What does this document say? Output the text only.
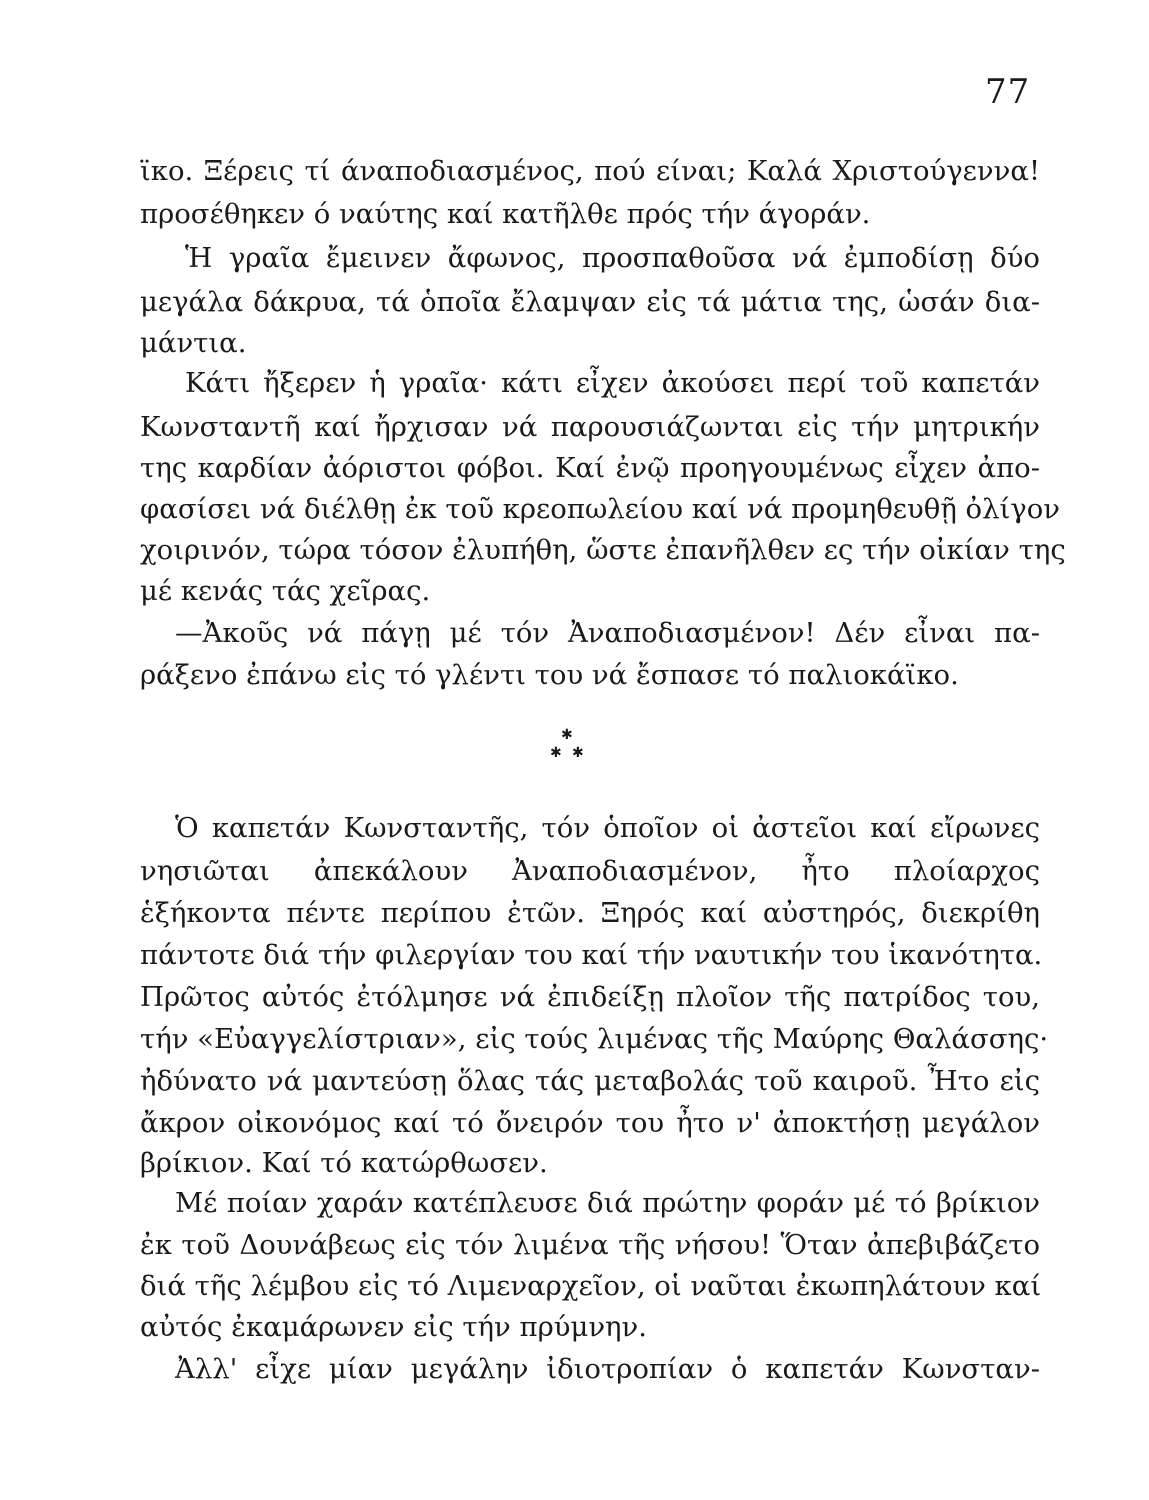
77
ϊκο. Ξέρεις τί άναποδιασμένος, πού είναι; Καλά Χριστούγεννα!
προσέθηκεν ό ναύτης καί κατῆλθε πρός τήν άγοράν.
Ἡ γραῖα ἔμεινεν ἄφωνος, προσπαθοῦσα νά ἐμποδίσῃ δύο
μεγάλα δάκρυα, τά ὁποῖα ἔλαμψαν εἰς τά μάτια της, ὡσάν δια-
μάντια.
Κάτι ἤξερεν ἡ γραῖα· κάτι εἶχεν ἀκούσει περί τοῦ καπετάν
Κωνσταντῆ καί ἤρχισαν νά παρουσιάζωνται εἰς τήν μητρικήν
της καρδίαν ἀόριστοι φόβοι. Καί ἐνῷ προηγουμένως εἶχεν ἀπο-
φασίσει νά διέλθῃ ἐκ τοῦ κρεοπωλείου καί νά προμηθευθῇ ὀλίγον
χοιρινόν, τώρα τόσον ἐλυπήθη, ὥστε ἐπανῆλθεν ες τήν οἰκίαν της
μέ κενάς τάς χεῖρας.
—Ἀκοῦς νά πάγῃ μέ τόν Ἀναποδιασμένον! Δέν εἶναι πα-
ράξενο ἐπάνω εἰς τό γλέντι του νά ἔσπασε τό παλιοκάϊκο.
✱
✱ ✱
Ὁ καπετάν Κωνσταντῆς, τόν ὁποῖον οἱ ἀστεῖοι καί εἴρωνες
νησιῶται ἀπεκάλουν Ἀναποδιασμένον, ἦτο πλοίαρχος
ἑξήκοντα πέντε περίπου ἐτῶν. Ξηρός καί αὐστηρός, διεκρίθη
πάντοτε διά τήν φιλεργίαν του καί τήν ναυτικήν του ἱκανότητα.
Πρῶτος αὐτός ἐτόλμησε νά ἐπιδείξῃ πλοῖον τῆς πατρίδος του,
τήν «Εὐαγγελίστριαν», εἰς τούς λιμένας τῆς Μαύρης Θαλάσσης·
ἠδύνατο νά μαντεύσῃ ὅλας τάς μεταβολάς τοῦ καιροῦ. Ἦτο εἰς
ἄκρον οἰκονόμος καί τό ὄνειρόν του ἦτο ν' ἀποκτήσῃ μεγάλον
βρίκιον. Καί τό κατώρθωσεν.
Μέ ποίαν χαράν κατέπλευσε διά πρώτην φοράν μέ τό βρίκιον
ἐκ τοῦ Δουνάβεως εἰς τόν λιμένα τῆς νήσου! Ὅταν ἀπεβιβάζετο
διά τῆς λέμβου εἰς τό Λιμεναρχεῖον, οἱ ναῦται ἐκωπηλάτουν καί
αὐτός ἐκαμάρωνεν εἰς τήν πρύμνην.
Ἀλλ' εἶχε μίαν μεγάλην ἰδιοτροπίαν ὁ καπετάν Κωνσταν-
